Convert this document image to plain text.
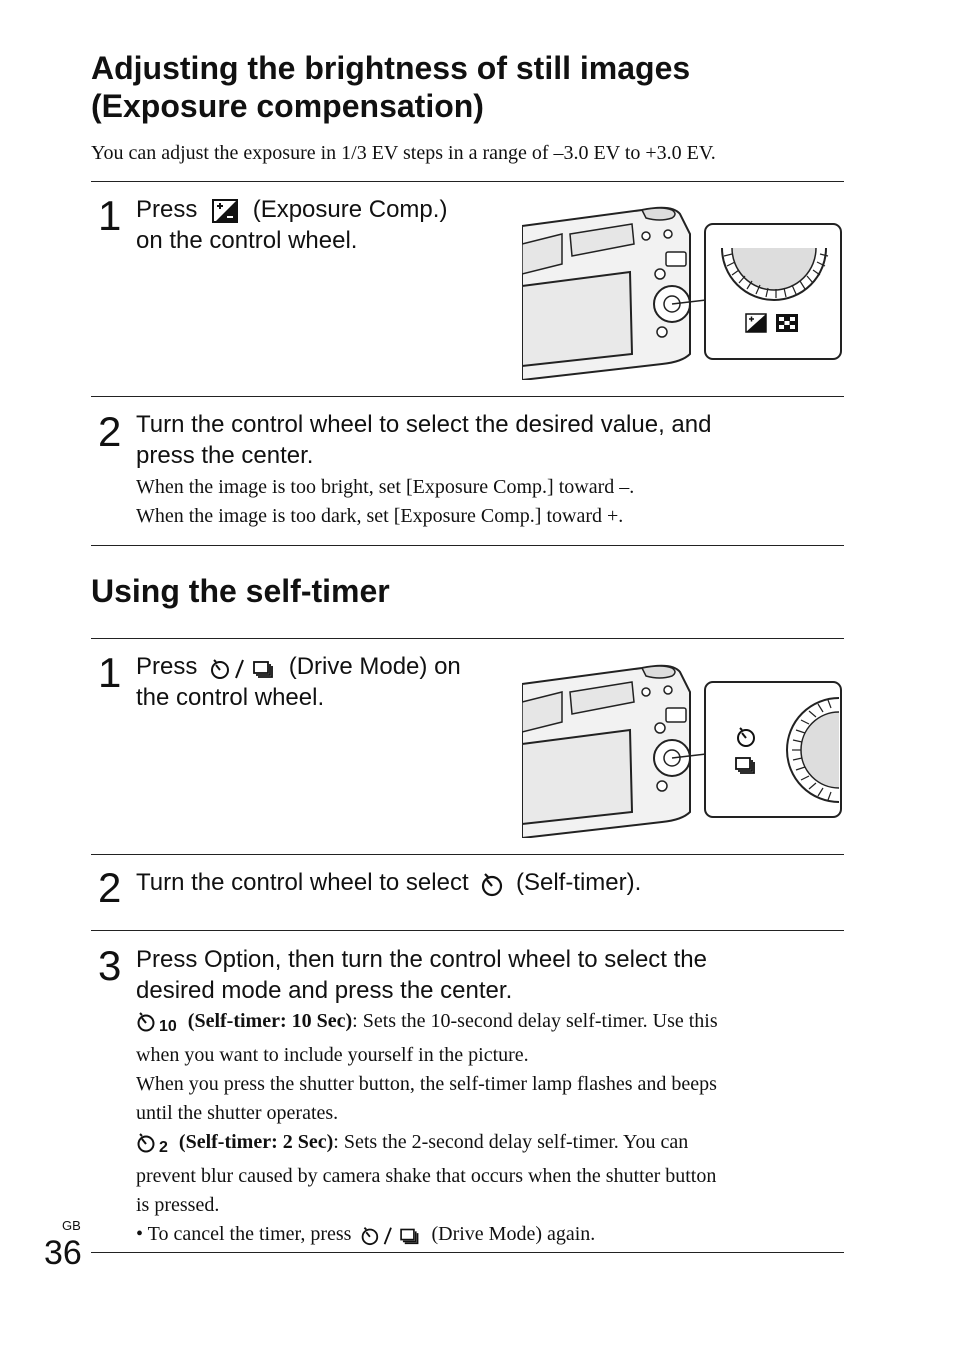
Adjusting the brightness of still images
(Exposure compensation)

You can adjust the exposure in 1/3 EV steps in a range of –3.0 EV to +3.0 EV.

1 Press (Exposure Comp.)
on the control wheel.

2 Turn the control wheel to select the desired value, and
press the center.

When the image is too bright, set [Exposure Comp.] toward –.
When the image is too dark, set [Exposure Comp.] toward +.

Using the self-timer
1 Press	(Drive Mode) on
the control wheel.

2 Turn the control wheel to select (Self-timer).

3 Press Option, then turn the control wheel to select the
desired mode and press the center.

$_{10}$ (Self-timer: 10 Sec): Sets the 10-second delay self-timer. Use this
when you want to include yourself in the picture.
When you press the shutter button, the self-timer lamp flashes and beeps
until the shutter operates.
$_2$ (Self-timer: 2 Sec): Sets the 2-second delay self-timer. You can
prevent blur caused by camera shake that occurs when the shutter button
is pressed.
• To cancel the timer, press	(Drive Mode) again.
GB
36
